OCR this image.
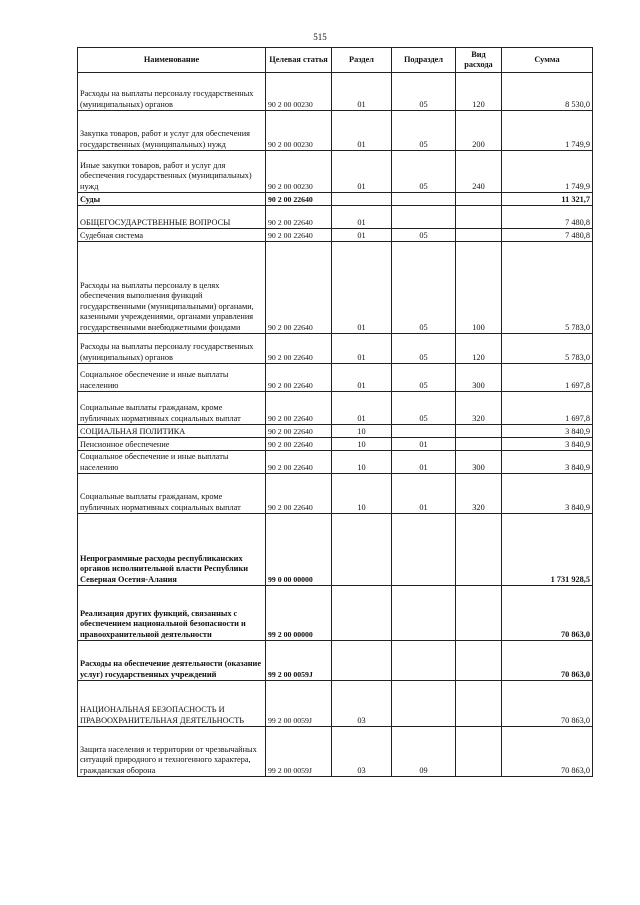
515
Наименование	Целевая статья	Раздел	Подраздел	Вид расхода	Сумма
Расходы на выплаты персоналу государственных (муниципальных) органов	90 2 00 00230	01	05	120	8 530,0
Закупка товаров, работ и услуг для обеспечения государственных (муниципальных) нужд	90 2 00 00230	01	05	200	1 749,9
Иные закупки товаров, работ и услуг для обеспечения государственных (муниципальных) нужд	90 2 00 00230	01	05	240	1 749,9
Суды	90 2 00 22640				11 321,7
ОБЩЕГОСУДАРСТВЕННЫЕ ВОПРОСЫ	90 2 00 22640	01			7 480,8
Судебная система	90 2 00 22640	01	05		7 480,8
Расходы на выплаты персоналу в целях обеспечения выполнения функций государственными (муниципальными) органами, казенными учреждениями, органами управления государственными внебюджетными фондами	90 2 00 22640	01	05	100	5 783,0
Расходы на выплаты персоналу государственных (муниципальных) органов	90 2 00 22640	01	05	120	5 783,0
Социальное обеспечение и иные выплаты населению	90 2 00 22640	01	05	300	1 697,8
Социальные выплаты гражданам, кроме публичных нормативных социальных выплат	90 2 00 22640	01	05	320	1 697,8
СОЦИАЛЬНАЯ ПОЛИТИКА	90 2 00 22640	10			3 840,9
Пенсионное обеспечение	90 2 00 22640	10	01		3 840,9
Социальное обеспечение и иные выплаты населению	90 2 00 22640	10	01	300	3 840,9
Социальные выплаты гражданам, кроме публичных нормативных социальных выплат	90 2 00 22640	10	01	320	3 840,9
Непрограммные расходы республиканских органов исполнительной власти Республики Северная Осетия-Алания	99 0 00 00000				1 731 928,5
Реализация других функций, связанных с обеспечением национальной безопасности и правоохранительной деятельности	99 2 00 00000				70 863,0
Расходы на обеспечение деятельности (оказание услуг) государственных учреждений	99 2 00 0059J				70 863,0
НАЦИОНАЛЬНАЯ БЕЗОПАСНОСТЬ И ПРАВООХРАНИТЕЛЬНАЯ ДЕЯТЕЛЬНОСТЬ	99 2 00 0059J	03			70 863,0
Защита населения и территории от чрезвычайных ситуаций природного и техногенного характера, гражданская оборона	99 2 00 0059J	03	09		70 863,0
